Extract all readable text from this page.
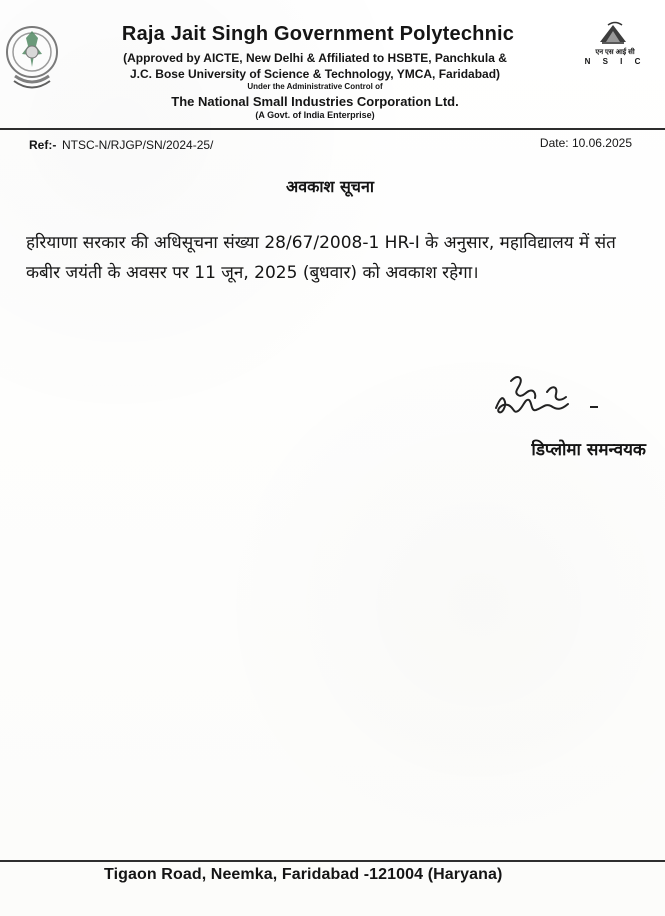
Raja Jait Singh Government Polytechnic
(Approved by AICTE, New Delhi & Affiliated to HSBTE, Panchkula &
J.C. Bose University of Science & Technology, YMCA, Faridabad)
Under the Administrative Control of
The National Small Industries Corporation Ltd.
(A Govt. of India Enterprise)
एन एस आई सी
N S I C
Ref:- NTSC-N/RJGP/SN/2024-25/	Date: 10.06.2025
अवकाश सूचना
हरियाणा सरकार की अधिसूचना संख्या 28/67/2008-1 HR-I के अनुसार, महाविद्यालय में संत कबीर जयंती के अवसर पर 11 जून, 2025 (बुधवार) को अवकाश रहेगा।
डिप्लोमा समन्वयक
Tigaon Road, Neemka, Faridabad -121004 (Haryana)
